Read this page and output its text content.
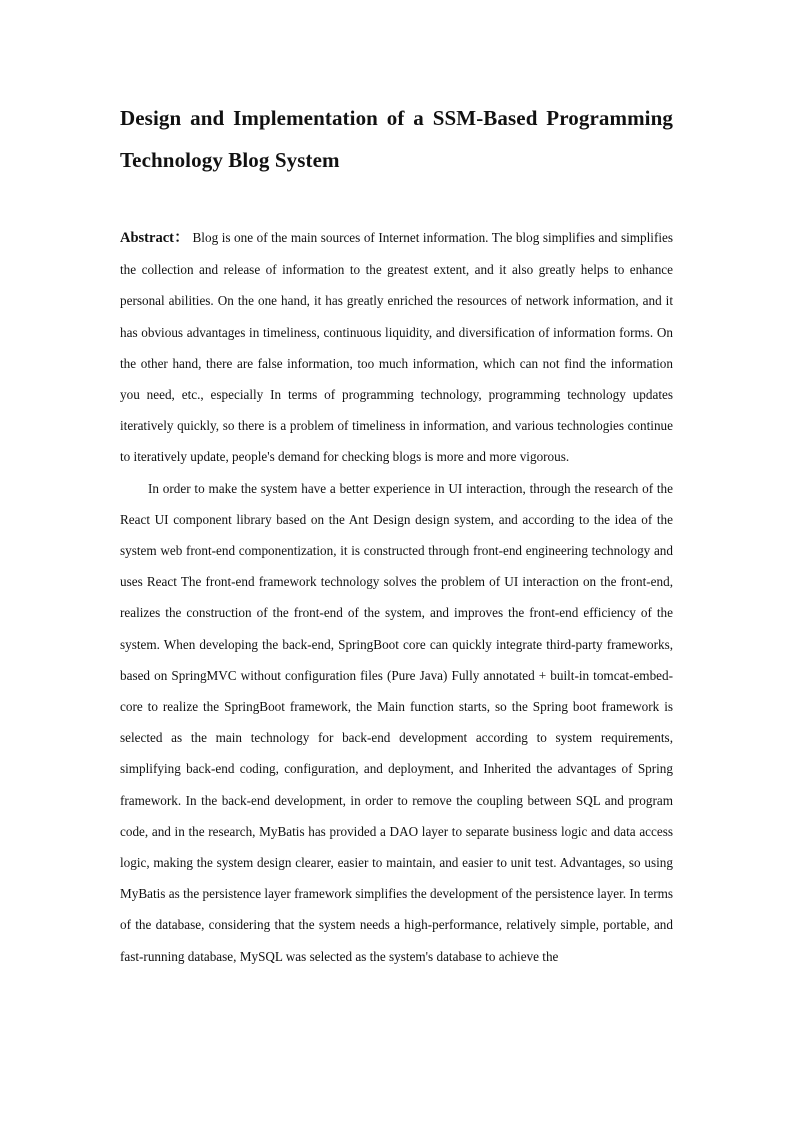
Design and Implementation of a SSM-Based Programming Technology Blog System

Abstract： Blog is one of the main sources of Internet information. The blog simplifies and simplifies the collection and release of information to the greatest extent, and it also greatly helps to enhance personal abilities. On the one hand, it has greatly enriched the resources of network information, and it has obvious advantages in timeliness, continuous liquidity, and diversification of information forms. On the other hand, there are false information, too much information, which can not find the information you need, etc., especially In terms of programming technology, programming technology updates iteratively quickly, so there is a problem of timeliness in information, and various technologies continue to iteratively update, people's demand for checking blogs is more and more vigorous.

In order to make the system have a better experience in UI interaction, through the research of the React UI component library based on the Ant Design design system, and according to the idea of the system web front-end componentization, it is constructed through front-end engineering technology and uses React The front-end framework technology solves the problem of UI interaction on the front-end, realizes the construction of the front-end of the system, and improves the front-end efficiency of the system. When developing the back-end, SpringBoot core can quickly integrate third-party frameworks, based on SpringMVC without configuration files (Pure Java) Fully annotated + built-in tomcat-embed-core to realize the SpringBoot framework, the Main function starts, so the Spring boot framework is selected as the main technology for back-end development according to system requirements, simplifying back-end coding, configuration, and deployment, and Inherited the advantages of Spring framework. In the back-end development, in order to remove the coupling between SQL and program code, and in the research, MyBatis has provided a DAO layer to separate business logic and data access logic, making the system design clearer, easier to maintain, and easier to unit test. Advantages, so using MyBatis as the persistence layer framework simplifies the development of the persistence layer. In terms of the database, considering that the system needs a high-performance, relatively simple, portable, and fast-running database, MySQL was selected as the system's database to achieve the
